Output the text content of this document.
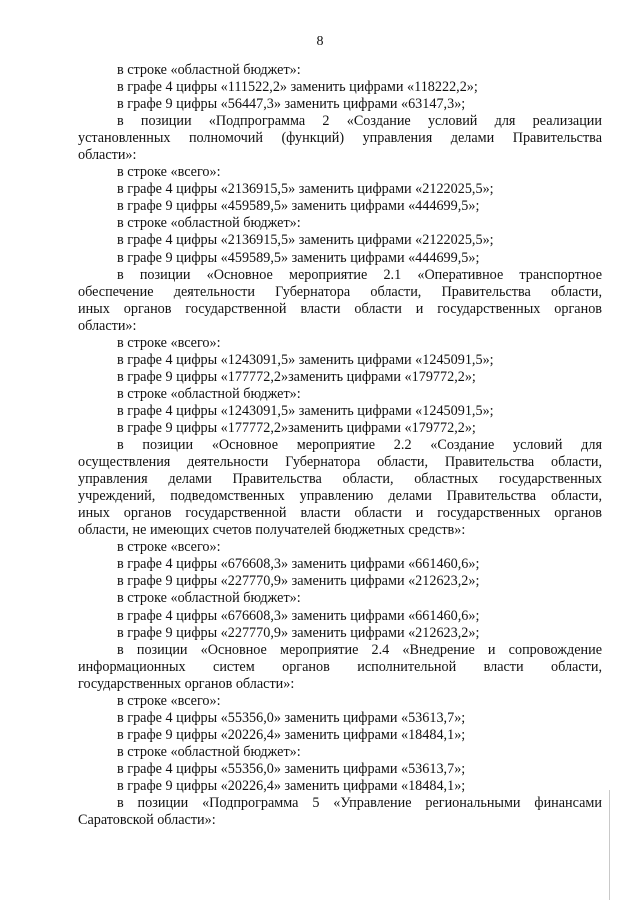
8
в строке «областной бюджет»:
в графе 4 цифры «111522,2» заменить цифрами «118222,2»;
в графе 9 цифры «56447,3» заменить цифрами «63147,3»;
в позиции «Подпрограмма 2 «Создание условий для реализации
установленных полномочий (функций) управления делами Правительства
области»:
в строке «всего»:
в графе 4 цифры «2136915,5» заменить цифрами «2122025,5»;
в графе 9 цифры «459589,5» заменить цифрами «444699,5»;
в строке «областной бюджет»:
в графе 4 цифры «2136915,5» заменить цифрами «2122025,5»;
в графе 9 цифры «459589,5» заменить цифрами «444699,5»;
в позиции «Основное мероприятие 2.1 «Оперативное транспортное
обеспечение деятельности Губернатора области, Правительства области,
иных органов государственной власти области и государственных органов
области»:
в строке «всего»:
в графе 4 цифры «1243091,5» заменить цифрами «1245091,5»;
в графе 9 цифры «177772,2»заменить цифрами «179772,2»;
в строке «областной бюджет»:
в графе 4 цифры «1243091,5» заменить цифрами «1245091,5»;
в графе 9 цифры «177772,2»заменить цифрами «179772,2»;
в позиции «Основное мероприятие 2.2 «Создание условий для
осуществления деятельности Губернатора области, Правительства области,
управления делами Правительства области, областных государственных
учреждений, подведомственных управлению делами Правительства области,
иных органов государственной власти области и государственных органов
области, не имеющих счетов получателей бюджетных средств»:
в строке «всего»:
в графе 4 цифры «676608,3» заменить цифрами «661460,6»;
в графе 9 цифры «227770,9» заменить цифрами «212623,2»;
в строке «областной бюджет»:
в графе 4 цифры «676608,3» заменить цифрами «661460,6»;
в графе 9 цифры «227770,9» заменить цифрами «212623,2»;
в позиции «Основное мероприятие 2.4 «Внедрение и сопровождение
информационных систем органов исполнительной власти области,
государственных органов области»:
в строке «всего»:
в графе 4 цифры «55356,0» заменить цифрами «53613,7»;
в графе 9 цифры «20226,4» заменить цифрами «18484,1»;
в строке «областной бюджет»:
в графе 4 цифры «55356,0» заменить цифрами «53613,7»;
в графе 9 цифры «20226,4» заменить цифрами «18484,1»;
в позиции «Подпрограмма 5 «Управление региональными финансами
Саратовской области»:
